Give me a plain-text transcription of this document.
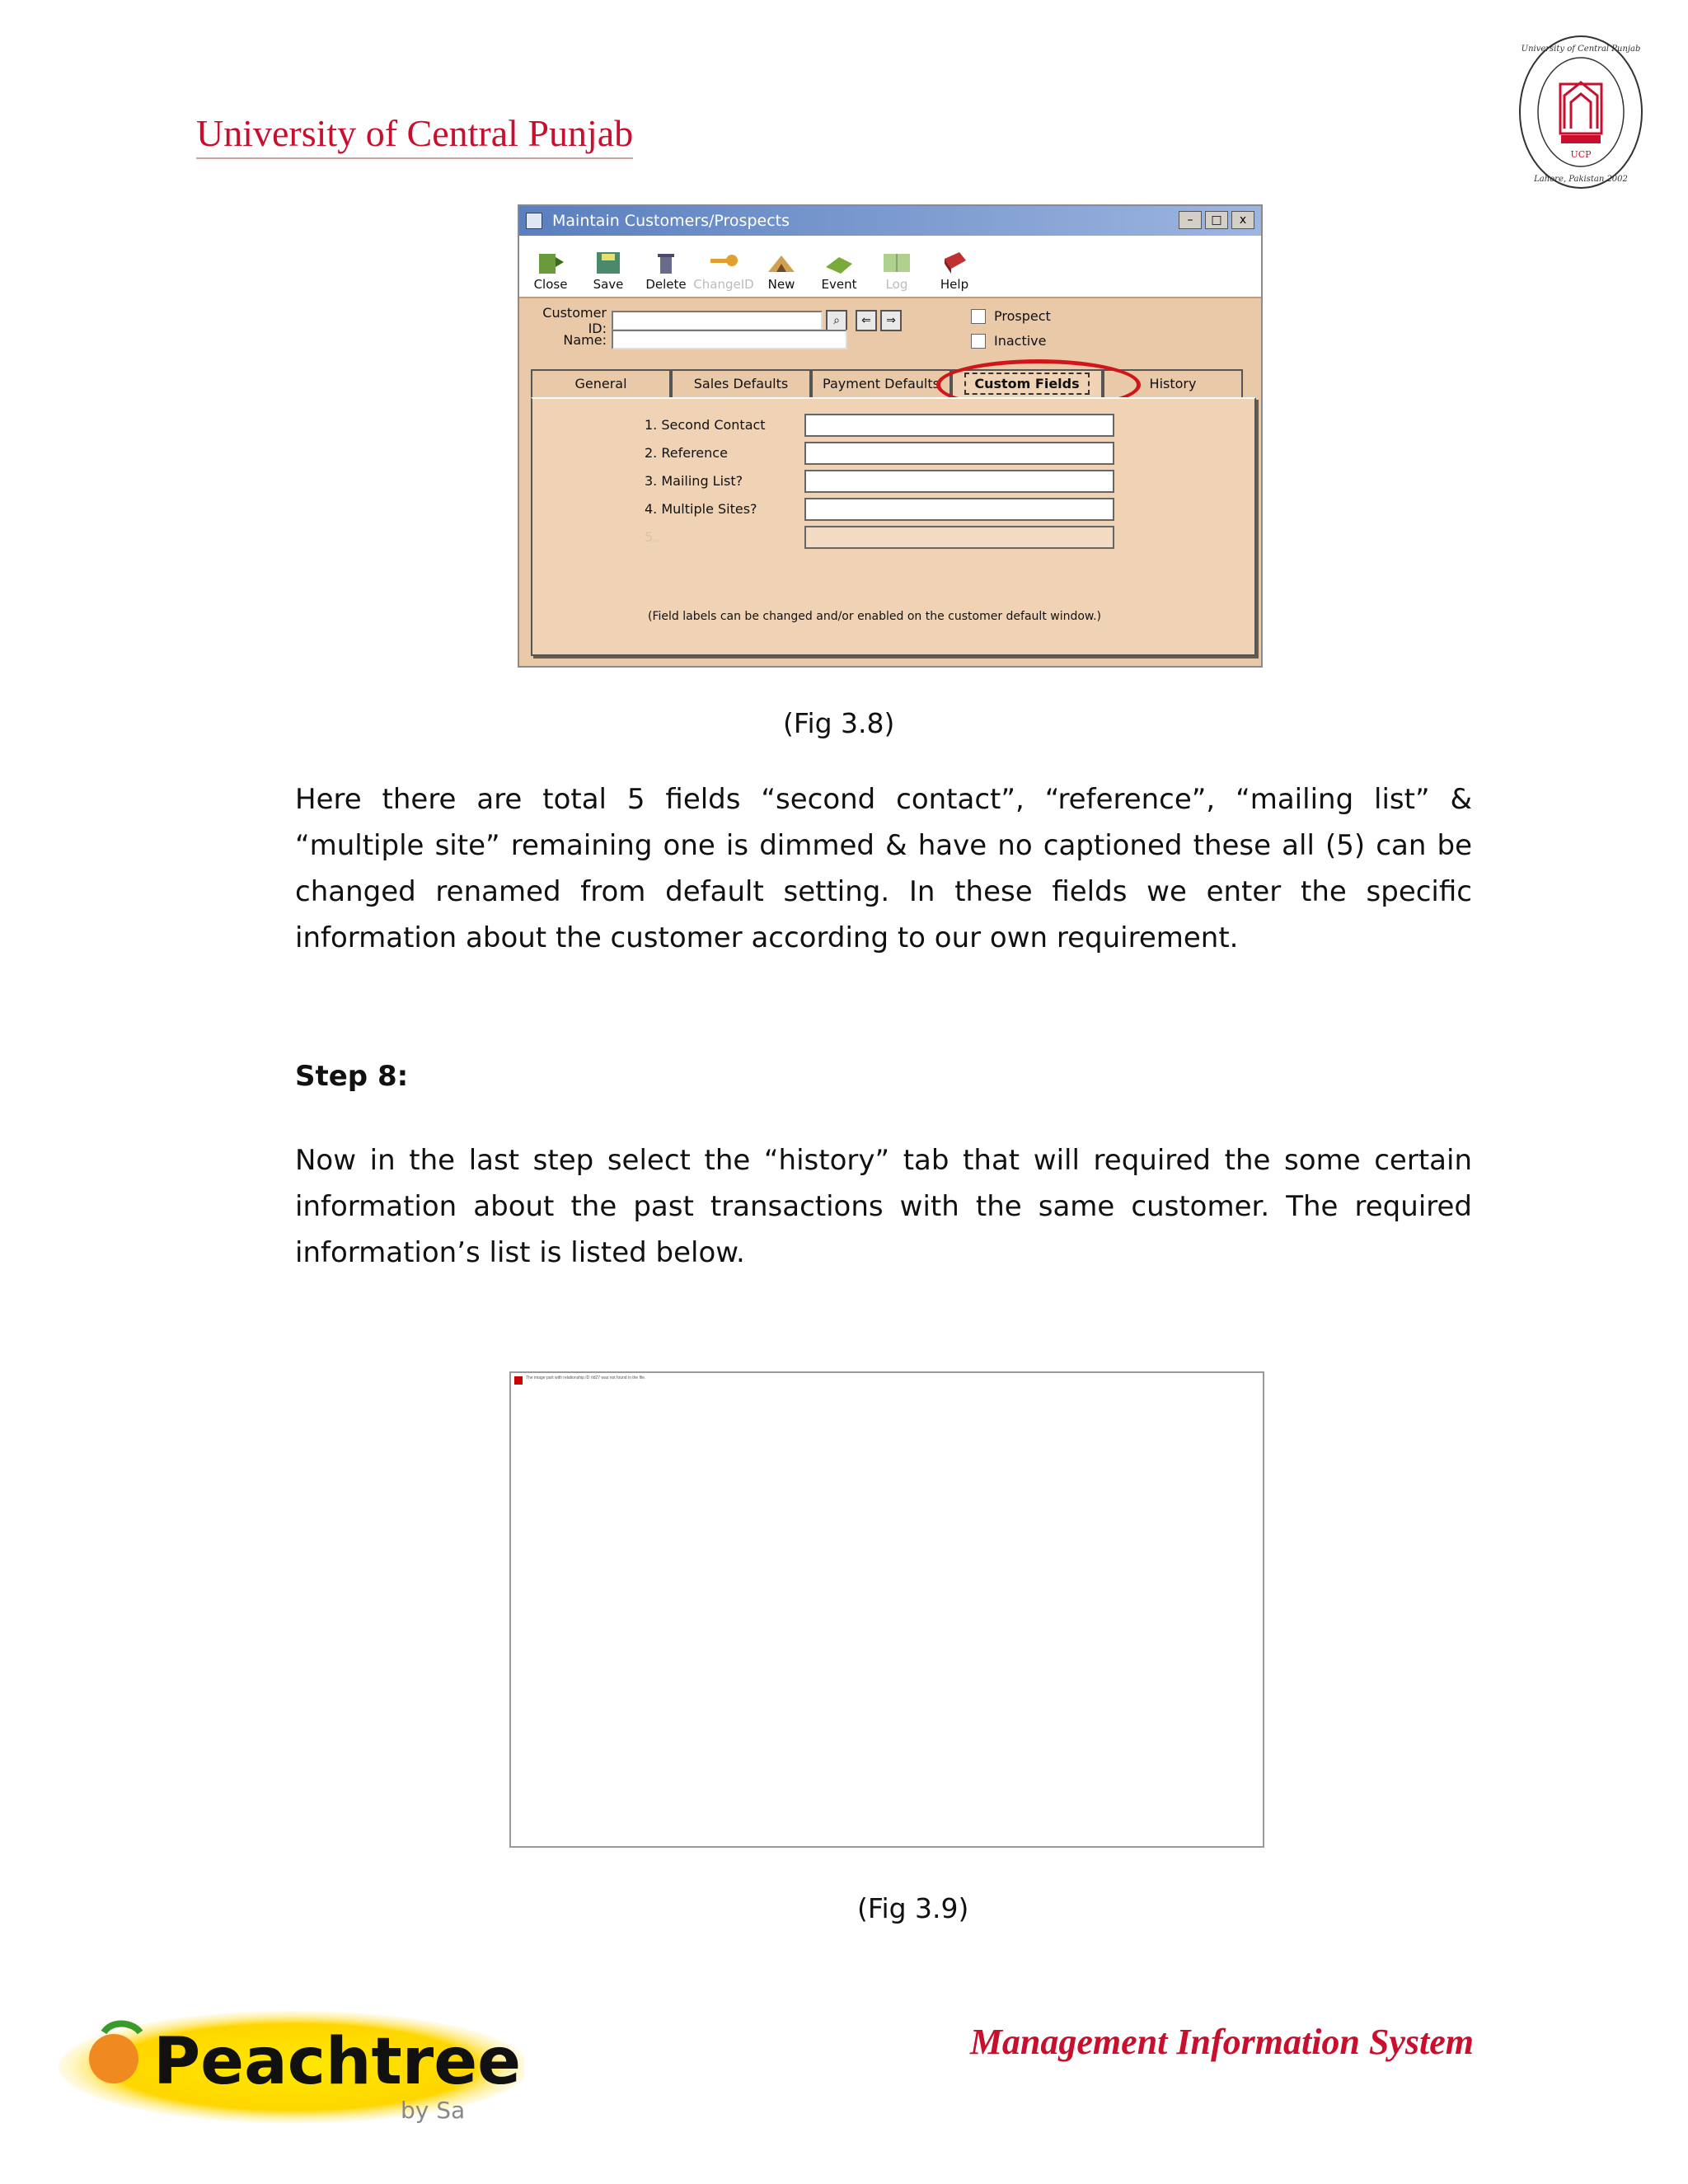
University of Central Punjab
UCP
University of Central Punjab
Lahore, Pakistan 2002
Maintain Customers/Prospects	–	□	x
Close Save Delete ChangeID New Event Log	Help
Customer ID:	⌕	⇐	⇒
Name:
Prospect
Inactive
General	Sales Defaults	Payment Defaults	Custom Fields	History
1. Second Contact
2. Reference
3. Mailing List?
4. Multiple Sites?
5.
(Field labels can be changed and/or enabled on the customer default window.)
(Fig 3.8)

Here there are total 5 fields “second contact”, “reference”, “mailing list” & “multiple site” remaining one is dimmed & have no captioned these all (5) can be changed renamed from default setting. In these fields we enter the specific information about the customer according to our own requirement.

Step 8:

Now in the last step select the “history” tab that will required the some certain information about the past transactions with the same customer. The required information’s list is listed below.

The image part with relationship ID rId27 was not found in the file.
(Fig 3.9)
Peachtree
by Sa
Management Information System
